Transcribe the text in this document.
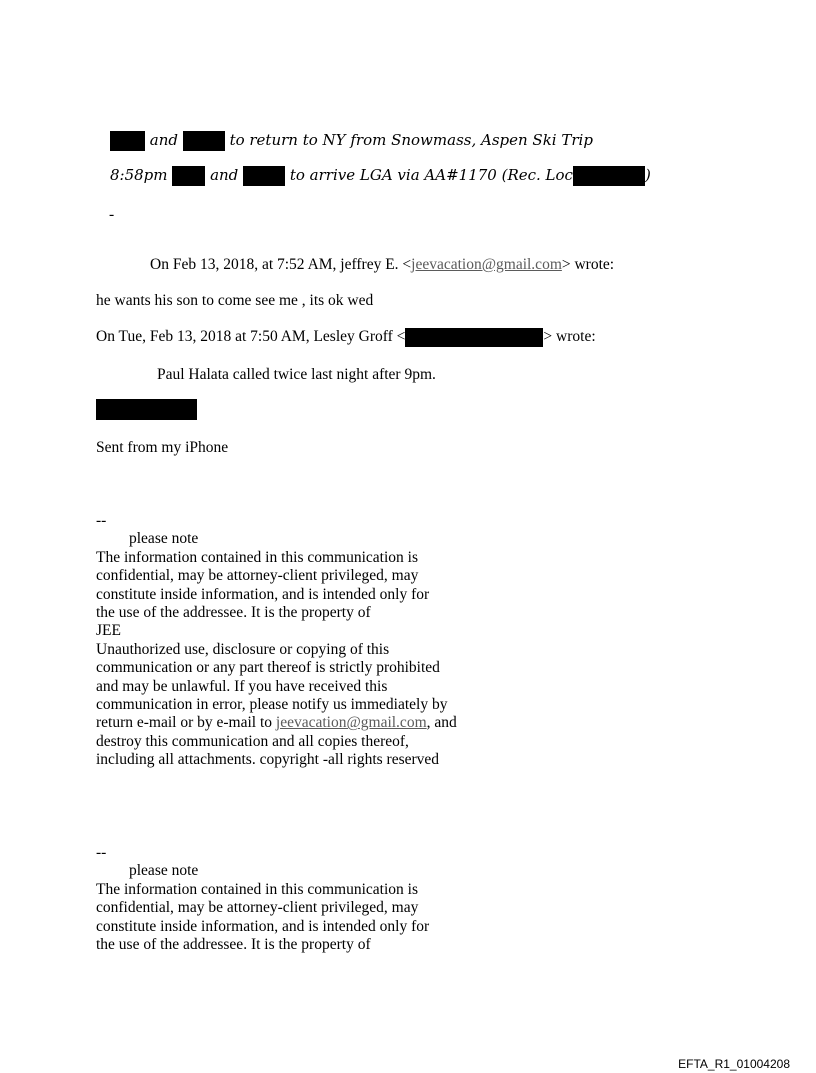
and	to return to NY from Snowmass, Aspen Ski Trip
8:58pm	and	to arrive LGA via AA#1170 (Rec. Loc	)
-
On Feb 13, 2018, at 7:52 AM, jeffrey E. <jeevacation@gmail.com> wrote:
he wants his son to come see me , its ok wed
On Tue, Feb 13, 2018 at 7:50 AM, Lesley Groff <	> wrote:
Paul Halata called twice last night after 9pm.
Sent from my iPhone
--
please note
The information contained in this communication is
confidential, may be attorney-client privileged, may
constitute inside information, and is intended only for
the use of the addressee. It is the property of
JEE
Unauthorized use, disclosure or copying of this
communication or any part thereof is strictly prohibited
and may be unlawful. If you have received this
communication in error, please notify us immediately by
return e-mail or by e-mail to jeevacation@gmail.com, and
destroy this communication and all copies thereof,
including all attachments. copyright -all rights reserved
--
please note
The information contained in this communication is
confidential, may be attorney-client privileged, may
constitute inside information, and is intended only for
the use of the addressee. It is the property of
EFTA_R1_01004208
